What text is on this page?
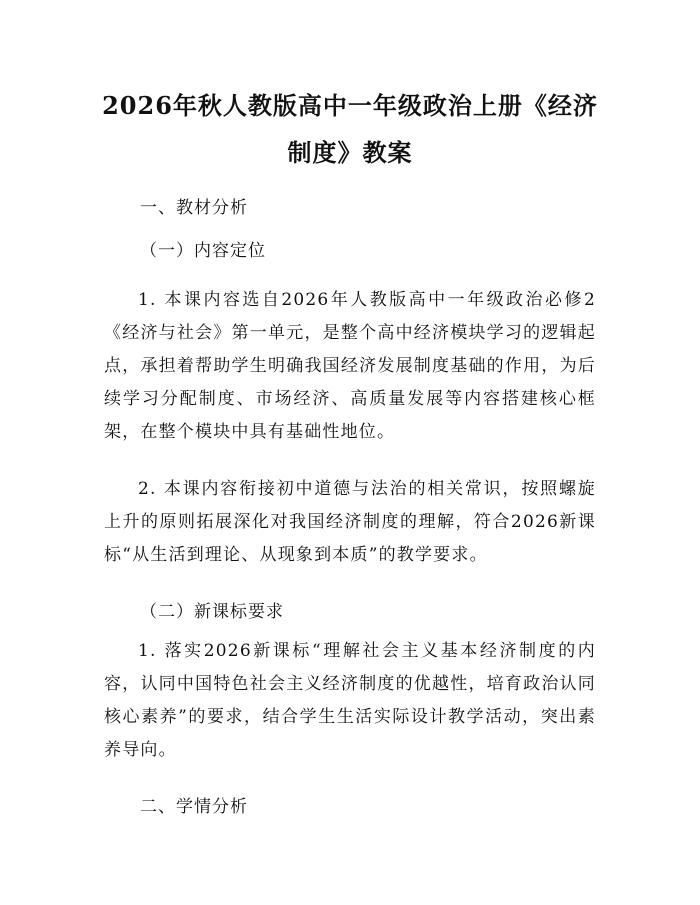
2026年秋人教版高中一年级政治上册《经济
制度》教案
一、教材分析
（一）内容定位
1. 本课内容选自2026年人教版高中一年级政治必修2《经济与社会》第一单元，是整个高中经济模块学习的逻辑起点，承担着帮助学生明确我国经济发展制度基础的作用，为后续学习分配制度、市场经济、高质量发展等内容搭建核心框架，在整个模块中具有基础性地位。
2. 本课内容衔接初中道德与法治的相关常识，按照螺旋上升的原则拓展深化对我国经济制度的理解，符合2026新课标“从生活到理论、从现象到本质”的教学要求。
（二）新课标要求
1. 落实2026新课标“理解社会主义基本经济制度的内容，认同中国特色社会主义经济制度的优越性，培育政治认同核心素养”的要求，结合学生生活实际设计教学活动，突出素养导向。
二、学情分析
